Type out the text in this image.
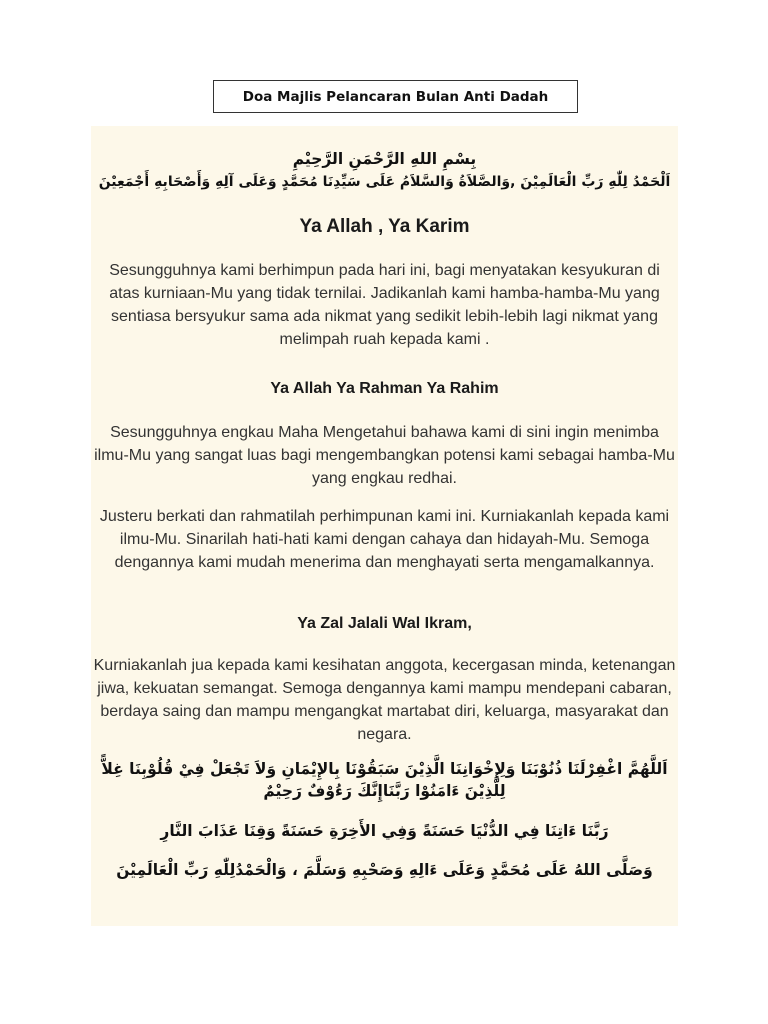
Doa Majlis Pelancaran Bulan Anti Dadah
بِسْمِ اللهِ الرَّحْمَنِ الرَّحِيْمِ
اَلْحَمْدُ لِلّٰهِ رَبِّ الْعَالَمِيْنَ ,وَالصَّلاَةُ وَالسَّلاَمُ عَلَى سَيِّدِنَا مُحَمَّدٍ وَعَلَى آلِهِ وَأَصْحَابِهِ أَجْمَعِيْنَ
Ya Allah , Ya Karim
Sesungguhnya kami berhimpun pada hari ini, bagi menyatakan kesyukuran di atas kurniaan-Mu yang tidak ternilai. Jadikanlah kami hamba-hamba-Mu yang sentiasa bersyukur sama ada nikmat yang sedikit lebih-lebih lagi nikmat yang melimpah ruah kepada kami .
Ya Allah Ya Rahman Ya Rahim
Sesungguhnya engkau Maha Mengetahui bahawa kami di sini ingin menimba ilmu-Mu yang sangat luas bagi mengembangkan potensi kami sebagai hamba-Mu yang engkau redhai.
Justeru berkati dan rahmatilah perhimpunan kami ini. Kurniakanlah kepada kami ilmu-Mu. Sinarilah hati-hati kami dengan cahaya dan hidayah-Mu. Semoga dengannya kami mudah menerima dan menghayati serta mengamalkannya.
Ya Zal Jalali Wal Ikram,
Kurniakanlah jua kepada kami kesihatan anggota, kecergasan minda, ketenangan jiwa, kekuatan semangat. Semoga dengannya kami mampu mendepani cabaran, berdaya saing dan mampu mengangkat martabat diri, keluarga, masyarakat dan negara.
اَللَّهُمَّ اغْفِرْلَنَا ذُنُوْبَنَا وَلِإِخْوَانِنَا الَّذِيْنَ سَبَقُوْنَا بِالإِيْمَانِ وَلاَ تَجْعَلْ فِيْ قُلُوْبِنَا غِلاًّ لِلَّذِيْنَ ءَامَنُوْا رَبَّنَاإِنَّكَ رَءُوْفٌ رَحِيْمٌ
رَبَّنَا ءَاتِنَا فِي الدُّنْيَا حَسَنَةً وَفِي الأَخِرَةِ حَسَنَةً وَقِنَا عَذَابَ النَّارِ
وَصَلَّى اللهُ عَلَى مُحَمَّدٍ وَعَلَى ءَالِهِ وَصَحْبِهِ وَسَلَّمَ ، وَالْحَمْدُلِلّٰهِ رَبِّ الْعَالَمِيْنَ
